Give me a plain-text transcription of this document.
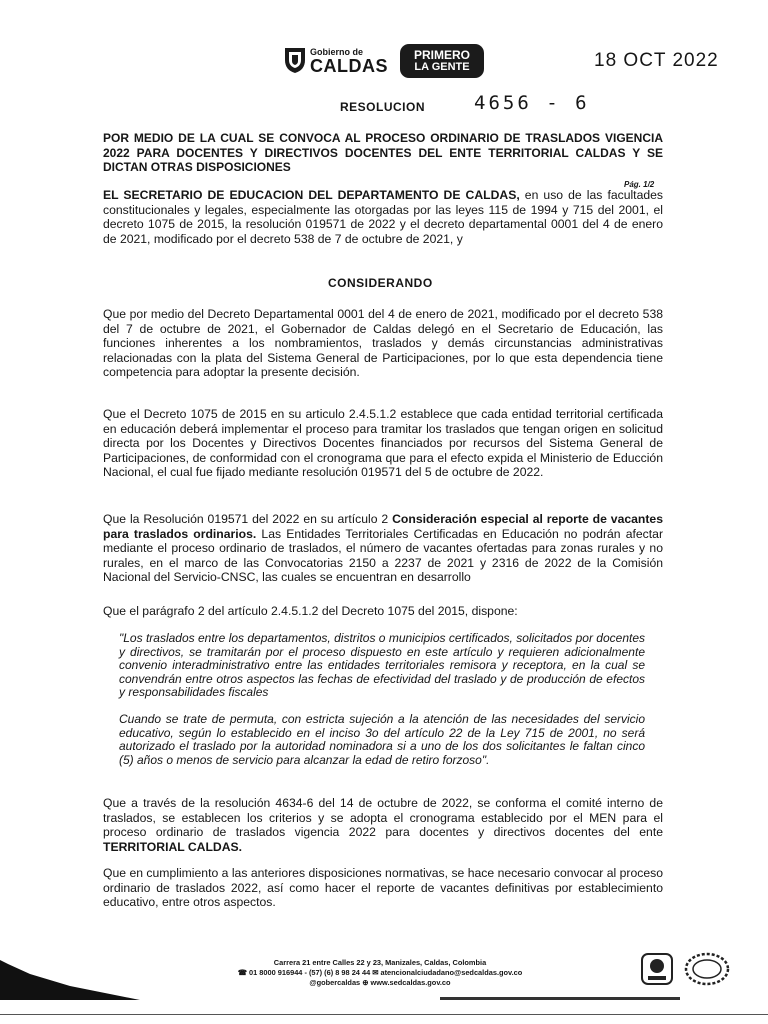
Gobierno de
CALDAS
PRIMERO
LA GENTE	18 OCT 2022
RESOLUCION	4656 - 6
POR MEDIO DE LA CUAL SE CONVOCA AL PROCESO ORDINARIO DE TRASLADOS VIGENCIA 2022 PARA DOCENTES Y DIRECTIVOS DOCENTES DEL ENTE TERRITORIAL CALDAS Y SE DICTAN OTRAS DISPOSICIONES
Pág. 1/2
EL SECRETARIO DE EDUCACION DEL DEPARTAMENTO DE CALDAS, en uso de las facultades constitucionales y legales, especialmente las otorgadas por las leyes 115 de 1994 y 715 del 2001, el decreto 1075 de 2015, la resolución 019571 de 2022 y el decreto departamental 0001 del 4 de enero de 2021, modificado por el decreto 538 de 7 de octubre de 2021, y
CONSIDERANDO
Que por medio del Decreto Departamental 0001 del 4 de enero de 2021, modificado por el decreto 538 del 7 de octubre de 2021, el Gobernador de Caldas delegó en el Secretario de Educación, las funciones inherentes a los nombramientos, traslados y demás circunstancias administrativas relacionadas con la plata del Sistema General de Participaciones, por lo que esta dependencia tiene competencia para adoptar la presente decisión.
Que el Decreto 1075 de 2015 en su articulo 2.4.5.1.2 establece que cada entidad territorial certificada en educación deberá implementar el proceso para tramitar los traslados que tengan origen en solicitud directa por los Docentes y Directivos Docentes financiados por recursos del Sistema General de Participaciones, de conformidad con el cronograma que para el efecto expida el Ministerio de Educción Nacional, el cual fue fijado mediante resolución 019571 del 5 de octubre de 2022.
Que la Resolución 019571 del 2022 en su artículo 2 Consideración especial al reporte de vacantes para traslados ordinarios. Las Entidades Territoriales Certificadas en Educación no podrán afectar mediante el proceso ordinario de traslados, el número de vacantes ofertadas para zonas rurales y no rurales, en el marco de las Convocatorias 2150 a 2237 de 2021 y 2316 de 2022 de la Comisión Nacional del Servicio-CNSC, las cuales se encuentran en desarrollo
Que el parágrafo 2 del artículo 2.4.5.1.2 del Decreto 1075 del 2015, dispone:
"Los traslados entre los departamentos, distritos o municipios certificados, solicitados por docentes y directivos, se tramitarán por el proceso dispuesto en este artículo y requieren adicionalmente convenio interadministrativo entre las entidades territoriales remisora y receptora, en la cual se convendrán entre otros aspectos las fechas de efectividad del traslado y de producción de efectos y responsabilidades fiscales
Cuando se trate de permuta, con estricta sujeción a la atención de las necesidades del servicio educativo, según lo establecido en el inciso 3o del artículo 22 de la Ley 715 de 2001, no será autorizado el traslado por la autoridad nominadora si a uno de los dos solicitantes le faltan cinco (5) años o menos de servicio para alcanzar la edad de retiro forzoso".
Que a través de la resolución 4634-6 del 14 de octubre de 2022, se conforma el comité interno de traslados, se establecen los criterios y se adopta el cronograma establecido por el MEN para el proceso ordinario de traslados vigencia 2022 para docentes y directivos docentes del ente TERRITORIAL CALDAS.
Que en cumplimiento a las anteriores disposiciones normativas, se hace necesario convocar al proceso ordinario de traslados 2022, así como hacer el reporte de vacantes definitivas por establecimiento educativo, entre otros aspectos.
Carrera 21 entre Calles 22 y 23, Manizales, Caldas, Colombia
☎ 01 8000 916944 - (57) (6) 8 98 24 44 ✉ atencionalciudadano@sedcaldas.gov.co
@gobercaldas ⊕ www.sedcaldas.gov.co
